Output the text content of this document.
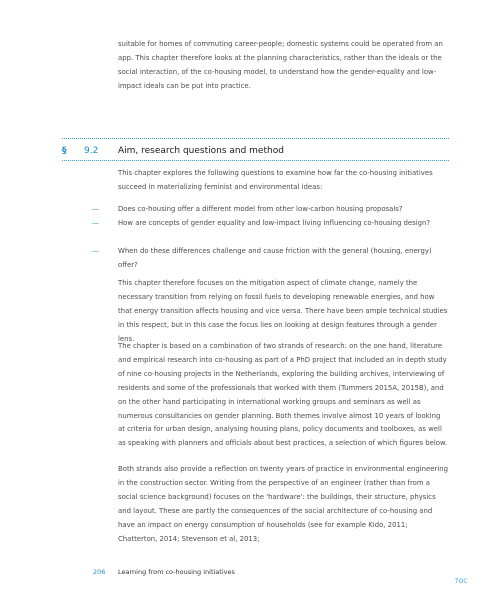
suitable for homes of commuting career-people; domestic systems could be operated from an app. This chapter therefore looks at the planning characteristics, rather than the ideals or the social interaction, of the co-housing model, to understand how the gender-equality and low-impact ideals can be put into practice.

§ 9.2 Aim, research questions and method

This chapter explores the following questions to examine how far the co-housing initiatives succeed in materializing feminist and environmental ideas:

—	Does co-housing offer a different model from other low-carbon housing proposals?
—	How are concepts of gender equality and low-impact living influencing co-housing design?
—	When do these differences challenge and cause friction with the general (housing, energy) offer?

This chapter therefore focuses on the mitigation aspect of climate change, namely the necessary transition from relying on fossil fuels to developing renewable energies, and how that energy transition affects housing and vice versa. There have been ample technical studies in this respect, but in this case the focus lies on looking at design features through a gender lens.

The chapter is based on a combination of two strands of research: on the one hand, literature and empirical research into co-housing as part of a PhD project that included an in depth study of nine co-housing projects in the Netherlands, exploring the building archives, interviewing of residents and some of the professionals that worked with them (Tummers 2015A, 2015B), and on the other hand participating in international working groups and seminars as well as numerous consultancies on gender planning. Both themes involve almost 10 years of looking at criteria for urban design, analysing housing plans, policy documents and toolboxes, as well as speaking with planners and officials about best practices, a selection of which figures below.

Both strands also provide a reflection on twenty years of practice in environmental engineering in the construction sector. Writing from the perspective of an engineer (rather than from a social science background) focuses on the 'hardware': the buildings, their structure, physics and layout. These are partly the consequences of the social architecture of co-housing and have an impact on energy consumption of households (see for example Kido, 2011; Chatterton, 2014; Stevenson et al, 2013;

206 Learning from co-housing initiatives
TOC
